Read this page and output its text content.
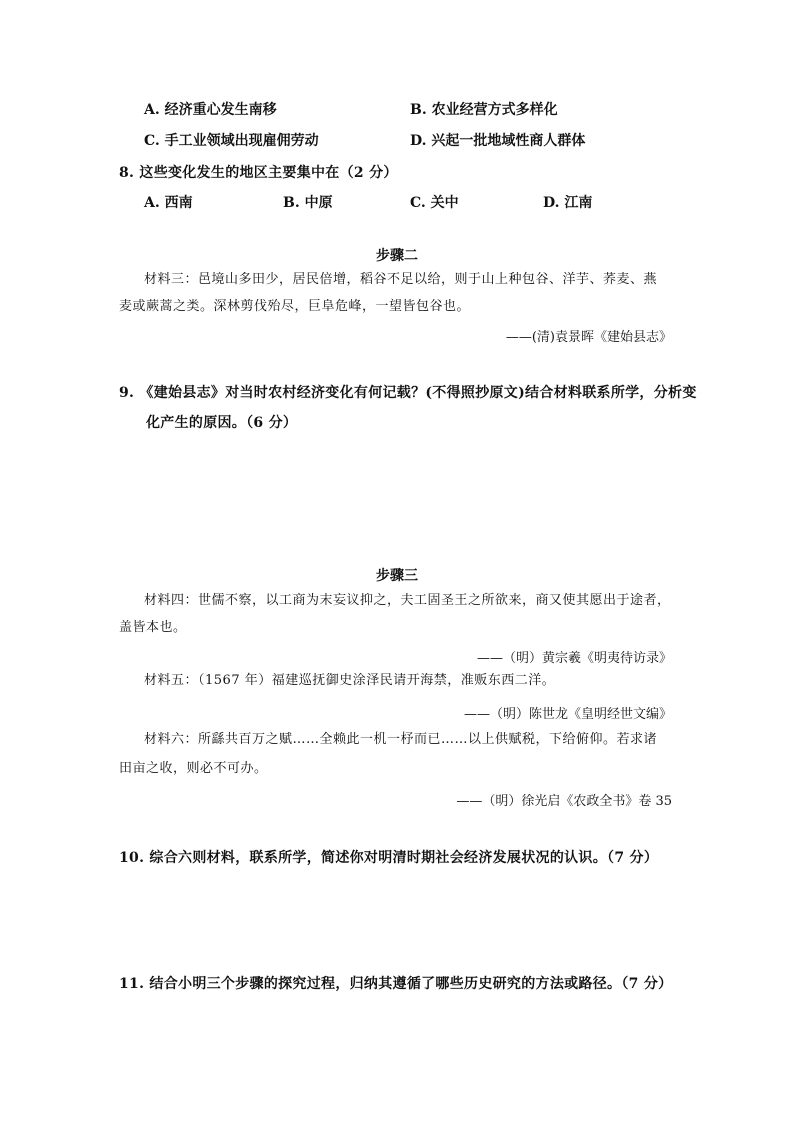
A. 经济重心发生南移	B. 农业经营方式多样化
C. 手工业领域出现雇佣劳动	D. 兴起一批地域性商人群体
8. 这些变化发生的地区主要集中在（2 分）
A. 西南	B. 中原	C. 关中	D. 江南
步骤二
材料三：邑境山多田少，居民倍增，稻谷不足以给，则于山上种包谷、洋芋、荞麦、燕
麦或蕨蒿之类。深林剪伐殆尽，巨阜危峰，一望皆包谷也。
——(清)袁景晖《建始县志》
9. 《建始县志》对当时农村经济变化有何记载？(不得照抄原文)结合材料联系所学，分析变
化产生的原因。（6 分）
步骤三
材料四：世儒不察，以工商为末妄议抑之，夫工固圣王之所欲来，商又使其愿出于途者，
盖皆本也。
——（明）黄宗羲《明夷待访录》
材料五：（1567 年）福建巡抚御史涂泽民请开海禁，准贩东西二洋。
——（明）陈世龙《皇明经世文编》
材料六：所繇共百万之赋……全赖此一机一杼而已……以上供赋税，下给俯仰。若求诸
田亩之收，则必不可办。
——（明）徐光启《农政全书》卷 35
10. 综合六则材料，联系所学，简述你对明清时期社会经济发展状况的认识。（7 分）
11. 结合小明三个步骤的探究过程，归纳其遵循了哪些历史研究的方法或路径。（7 分）
